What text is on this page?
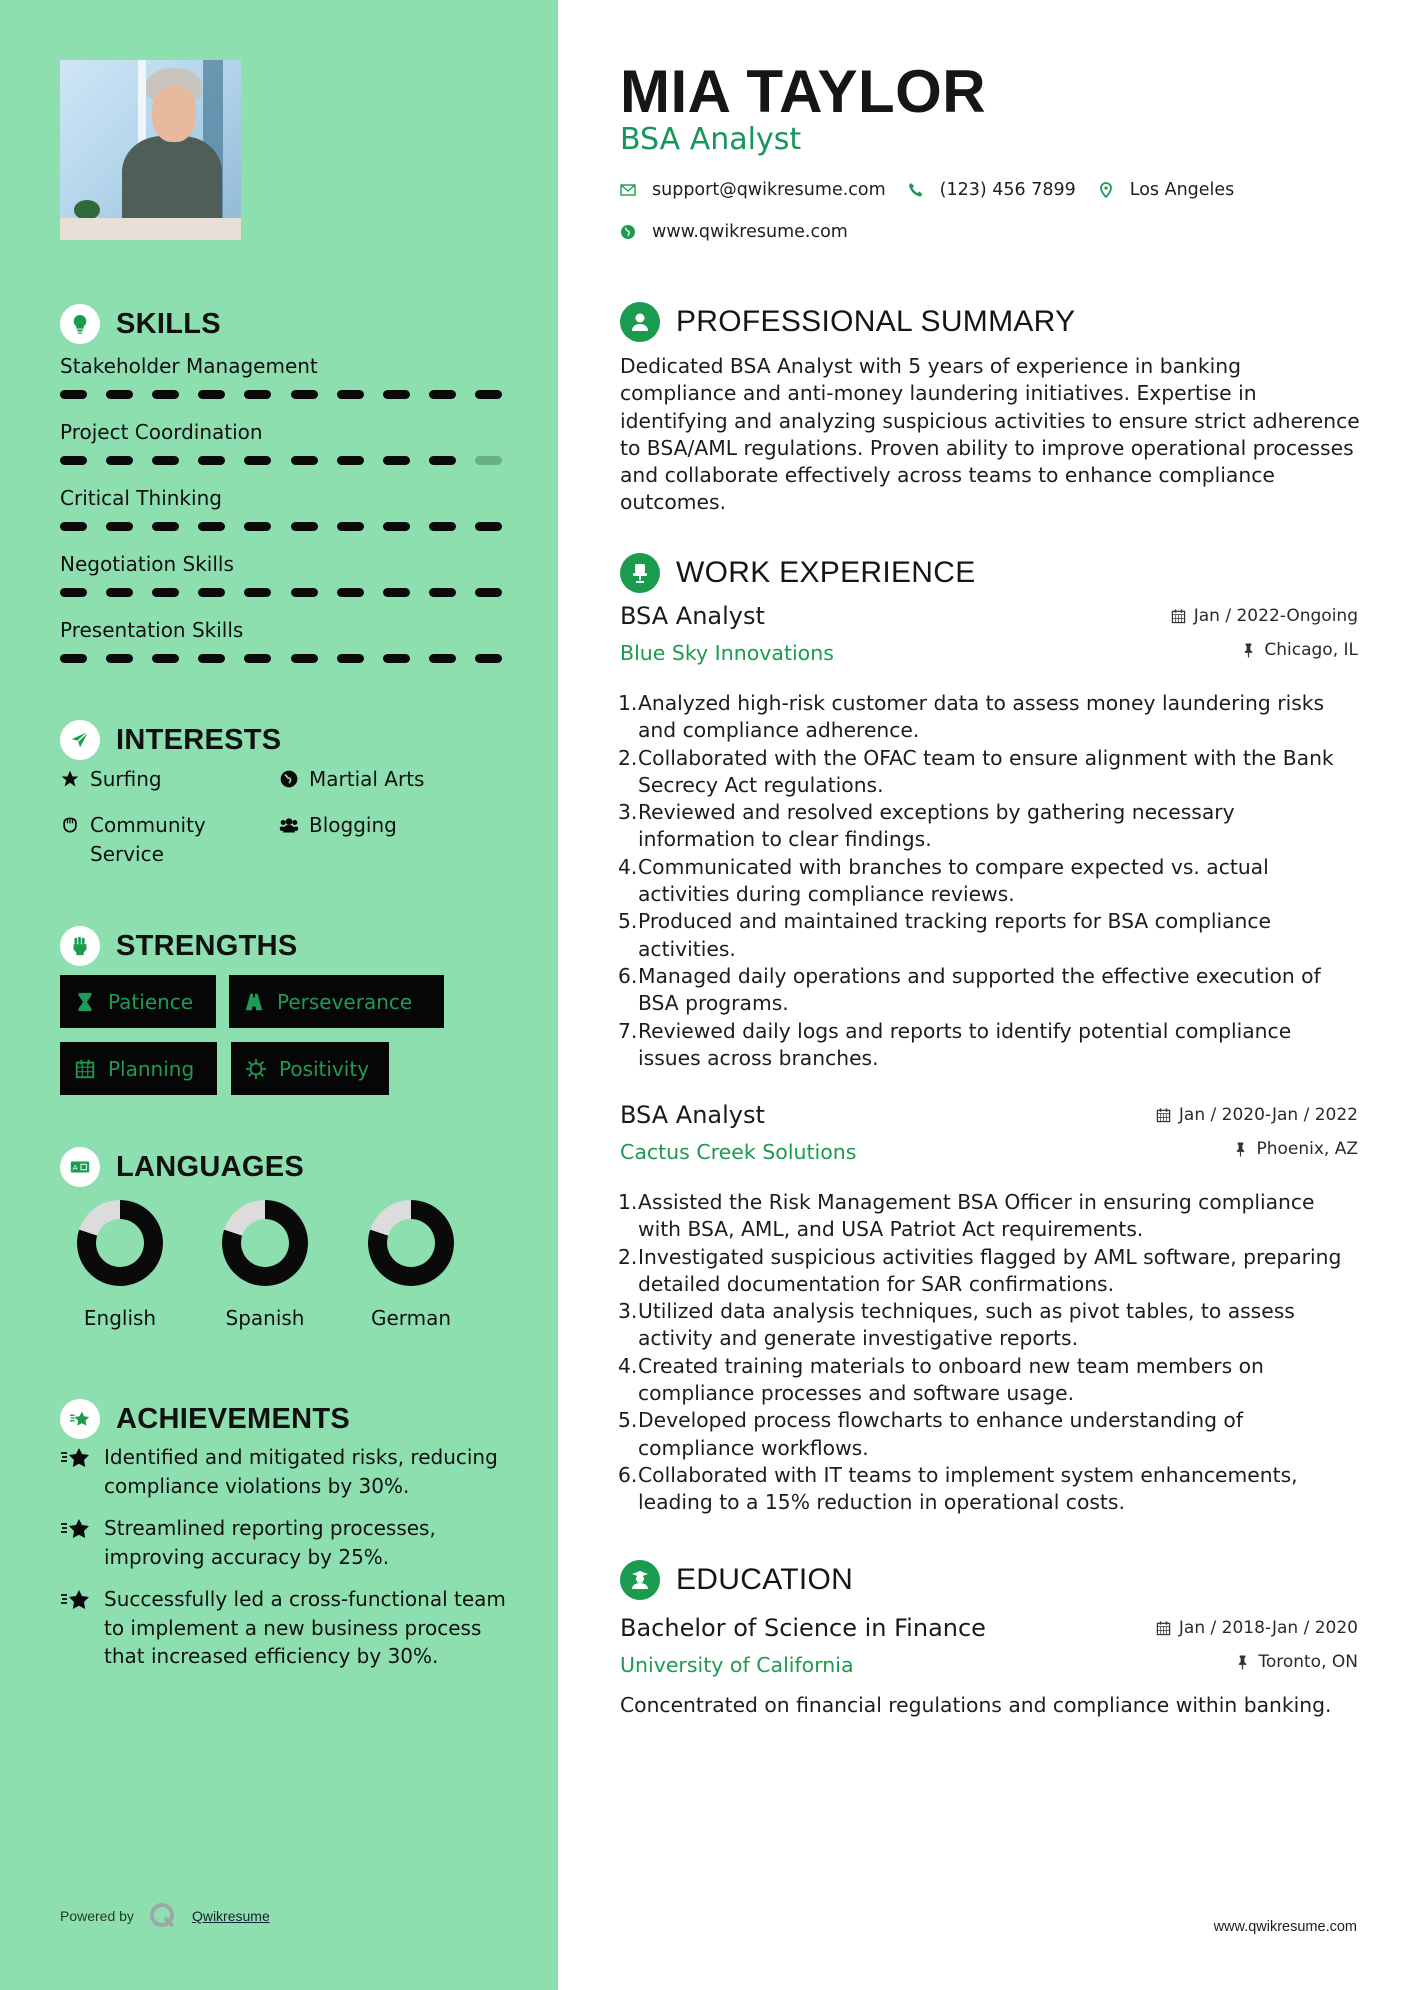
SKILLS
Stakeholder Management
Project Coordination
Critical Thinking
Negotiation Skills
Presentation Skills
INTERESTS
Surfing	Martial Arts
Community Service
Blogging
STRENGTHS
Patience	Perseverance
Planning	Positivity
A LANGUAGES
English	Spanish	German
ACHIEVEMENTS
Identified and mitigated risks, reducing compliance violations by 30%.
Streamlined reporting processes, improving accuracy by 25%.
Successfully led a cross-functional team to implement a new business process that increased efficiency by 30%.
Powered by	Qwikresume
MIA TAYLOR
BSA Analyst
support@qwikresume.com	(123) 456 7899	Los Angeles
www.qwikresume.com
PROFESSIONAL SUMMARY

Dedicated BSA Analyst with 5 years of experience in banking compliance and anti-money laundering initiatives. Expertise in identifying and analyzing suspicious activities to ensure strict adherence to BSA/AML regulations. Proven ability to improve operational processes and collaborate effectively across teams to enhance compliance outcomes.

WORK EXPERIENCE
BSA Analyst
Blue Sky Innovations
Jan / 2022-Ongoing
Chicago, IL
Analyzed high-risk customer data to assess money laundering risks and compliance adherence.
Collaborated with the OFAC team to ensure alignment with the Bank Secrecy Act regulations.
Reviewed and resolved exceptions by gathering necessary information to clear findings.
Communicated with branches to compare expected vs. actual activities during compliance reviews.
Produced and maintained tracking reports for BSA compliance activities.
Managed daily operations and supported the effective execution of BSA programs.
Reviewed daily logs and reports to identify potential compliance issues across branches.
BSA Analyst
Cactus Creek Solutions
Jan / 2020-Jan / 2022
Phoenix, AZ
Assisted the Risk Management BSA Officer in ensuring compliance with BSA, AML, and USA Patriot Act requirements.
Investigated suspicious activities flagged by AML software, preparing detailed documentation for SAR confirmations.
Utilized data analysis techniques, such as pivot tables, to assess activity and generate investigative reports.
Created training materials to onboard new team members on compliance processes and software usage.
Developed process flowcharts to enhance understanding of compliance workflows.
Collaborated with IT teams to implement system enhancements, leading to a 15% reduction in operational costs.
EDUCATION
Bachelor of Science in Finance
University of California
Jan / 2018-Jan / 2020
Toronto, ON

Concentrated on financial regulations and compliance within banking.

www.qwikresume.com
